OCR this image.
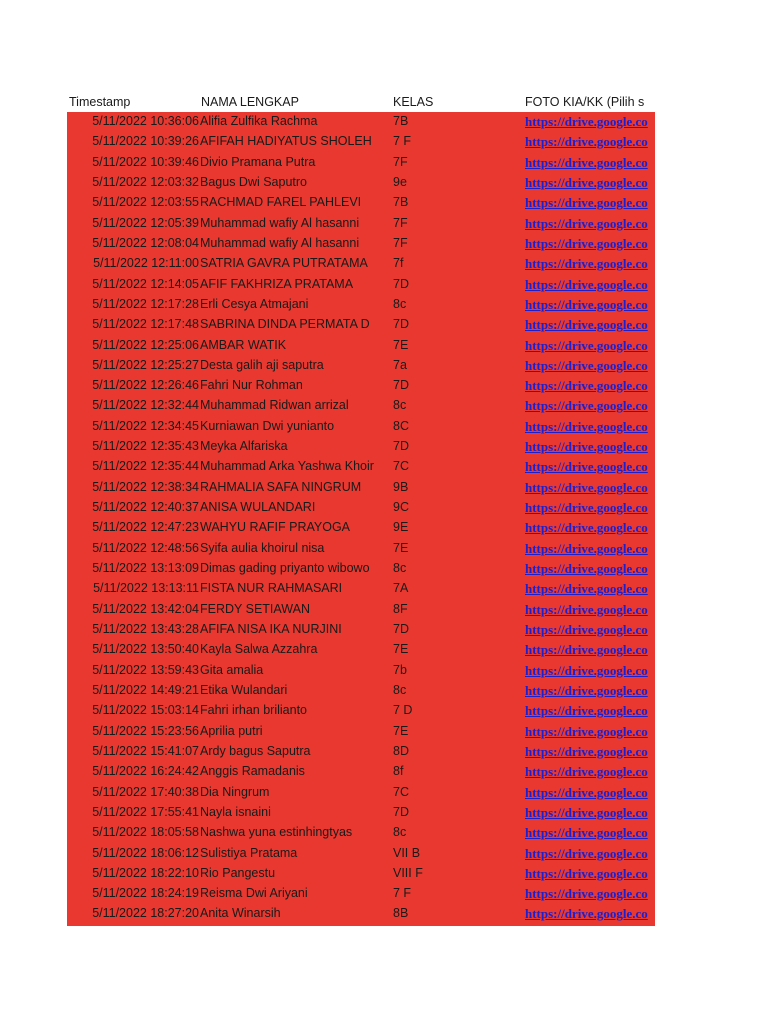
Timestamp	NAMA LENGKAP	KELAS	FOTO KIA/KK (Pilih s
5/11/2022 10:36:06 Alifia Zulfika Rachma	7B	https://drive.google.co
5/11/2022 10:39:26 AFIFAH HADIYATUS SHOLEH	7 F	https://drive.google.co
5/11/2022 10:39:46 Divio Pramana Putra	7F	https://drive.google.co
5/11/2022 12:03:32 Bagus Dwi Saputro	9e	https://drive.google.co
5/11/2022 12:03:55 RACHMAD FAREL PAHLEVI	7B	https://drive.google.co
5/11/2022 12:05:39 Muhammad wafiy Al hasanni	7F	https://drive.google.co
5/11/2022 12:08:04 Muhammad wafiy Al hasanni	7F	https://drive.google.co
5/11/2022 12:11:00 SATRIA GAVRA PUTRATAMA	7f	https://drive.google.co
5/11/2022 12:14:05 AFIF FAKHRIZA PRATAMA	7D	https://drive.google.co
5/11/2022 12:17:28 Erli Cesya Atmajani	8c	https://drive.google.co
5/11/2022 12:17:48 SABRINA DINDA PERMATA D	7D	https://drive.google.co
5/11/2022 12:25:06 AMBAR WATIK	7E	https://drive.google.co
5/11/2022 12:25:27 Desta galih aji saputra	7a	https://drive.google.co
5/11/2022 12:26:46 Fahri Nur Rohman	7D	https://drive.google.co
5/11/2022 12:32:44 Muhammad Ridwan arrizal	8c	https://drive.google.co
5/11/2022 12:34:45 Kurniawan Dwi yunianto	8C	https://drive.google.co
5/11/2022 12:35:43 Meyka Alfariska	7D	https://drive.google.co
5/11/2022 12:35:44 Muhammad Arka Yashwa Khoir	7C	https://drive.google.co
5/11/2022 12:38:34 RAHMALIA SAFA NINGRUM	9B	https://drive.google.co
5/11/2022 12:40:37 ANISA WULANDARI	9C	https://drive.google.co
5/11/2022 12:47:23 WAHYU RAFIF PRAYOGA	9E	https://drive.google.co
5/11/2022 12:48:56 Syifa aulia khoirul nisa	7E	https://drive.google.co
5/11/2022 13:13:09 Dimas gading priyanto wibowo	8c	https://drive.google.co
5/11/2022 13:13:11 FISTA NUR RAHMASARI	7A	https://drive.google.co
5/11/2022 13:42:04 FERDY SETIAWAN	8F	https://drive.google.co
5/11/2022 13:43:28 AFIFA NISA IKA NURJINI	7D	https://drive.google.co
5/11/2022 13:50:40 Kayla Salwa Azzahra	7E	https://drive.google.co
5/11/2022 13:59:43 Gita amalia	7b	https://drive.google.co
5/11/2022 14:49:21 Etika Wulandari	8c	https://drive.google.co
5/11/2022 15:03:14 Fahri irhan brilianto	7 D	https://drive.google.co
5/11/2022 15:23:56 Aprilia putri	7E	https://drive.google.co
5/11/2022 15:41:07 Ardy bagus Saputra	8D	https://drive.google.co
5/11/2022 16:24:42 Anggis Ramadanis	8f	https://drive.google.co
5/11/2022 17:40:38 Dia Ningrum	7C	https://drive.google.co
5/11/2022 17:55:41 Nayla isnaini	7D	https://drive.google.co
5/11/2022 18:05:58 Nashwa yuna estinhingtyas	8c	https://drive.google.co
5/11/2022 18:06:12 Sulistiya Pratama	VII B	https://drive.google.co
5/11/2022 18:22:10 Rio Pangestu	VIII F	https://drive.google.co
5/11/2022 18:24:19 Reisma Dwi Ariyani	7 F	https://drive.google.co
5/11/2022 18:27:20 Anita Winarsih	8B	https://drive.google.co
